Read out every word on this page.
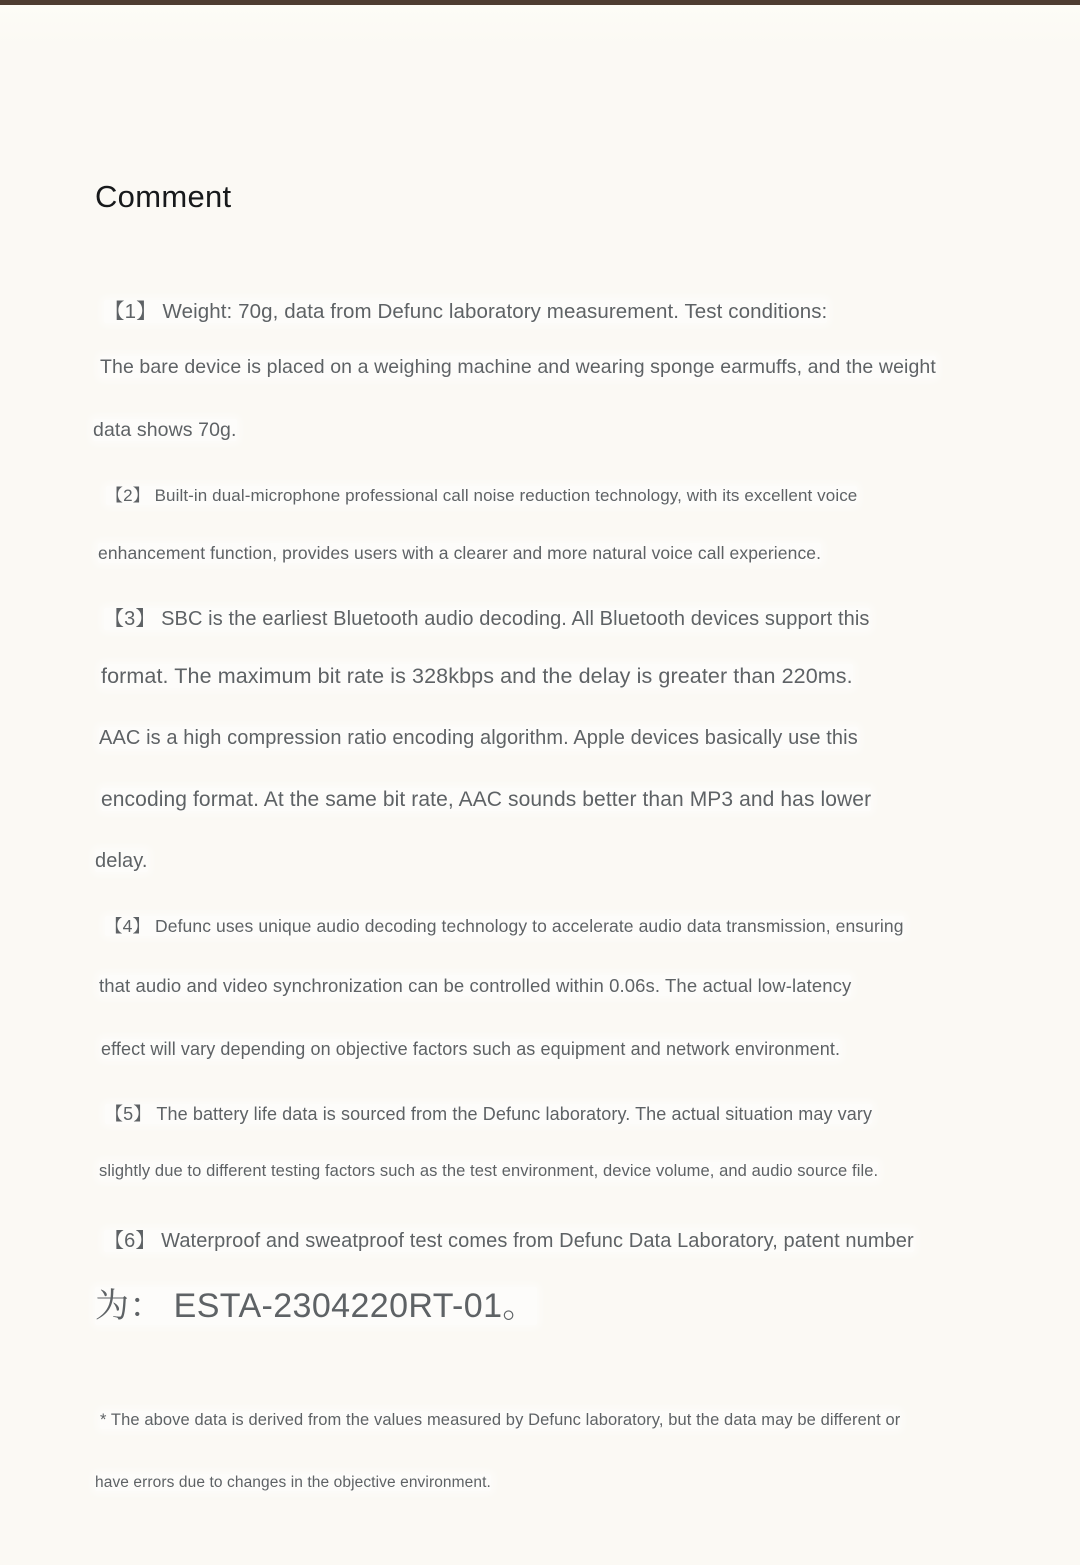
Comment
【1】 Weight: 70g, data from Defunc laboratory measurement. Test conditions:
The bare device is placed on a weighing machine and wearing sponge earmuffs, and the weight
data shows 70g.
【2】 Built-in dual-microphone professional call noise reduction technology, with its excellent voice
enhancement function, provides users with a clearer and more natural voice call experience.
【3】 SBC is the earliest Bluetooth audio decoding. All Bluetooth devices support this
format. The maximum bit rate is 328kbps and the delay is greater than 220ms.
AAC is a high compression ratio encoding algorithm. Apple devices basically use this
encoding format. At the same bit rate, AAC sounds better than MP3 and has lower
delay.
【4】 Defunc uses unique audio decoding technology to accelerate audio data transmission, ensuring
that audio and video synchronization can be controlled within 0.06s. The actual low-latency
effect will vary depending on objective factors such as equipment and network environment.
【5】 The battery life data is sourced from the Defunc laboratory. The actual situation may vary
slightly due to different testing factors such as the test environment, device volume, and audio source file.
【6】 Waterproof and sweatproof test comes from Defunc Data Laboratory, patent number
为： ESTA-2304220RT-01。
* The above data is derived from the values measured by Defunc laboratory, but the data may be different or
have errors due to changes in the objective environment.
